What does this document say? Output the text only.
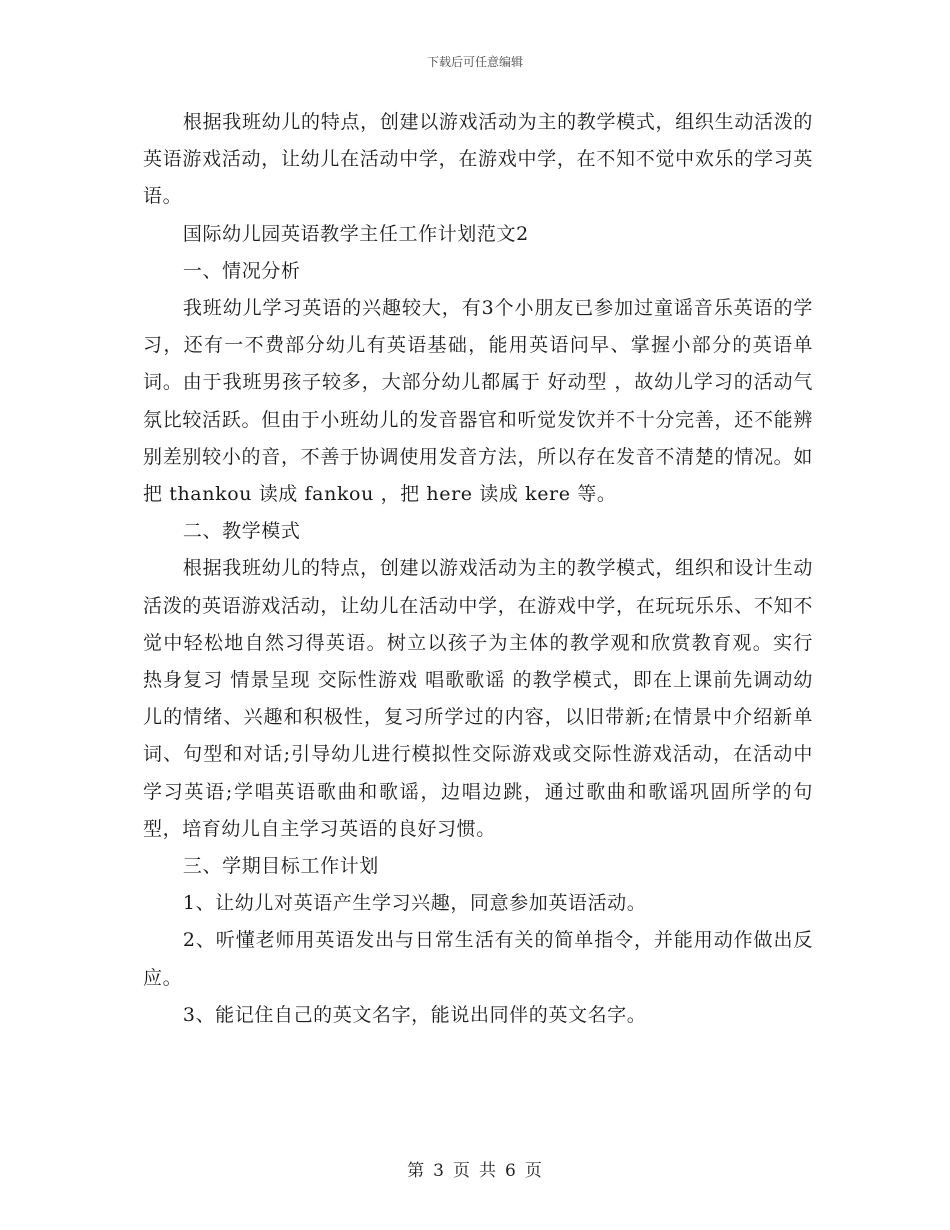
下载后可任意编辑

根据我班幼儿的特点，创建以游戏活动为主的教学模式，组织生动活泼的英语游戏活动，让幼儿在活动中学，在游戏中学，在不知不觉中欢乐的学习英语。

国际幼儿园英语教学主任工作计划范文2

一、情况分析

我班幼儿学习英语的兴趣较大，有3个小朋友已参加过童谣音乐英语的学习，还有一不费部分幼儿有英语基础，能用英语问早、掌握小部分的英语单词。由于我班男孩子较多，大部分幼儿都属于 好动型 ，故幼儿学习的活动气氛比较活跃。但由于小班幼儿的发音器官和听觉发饮并不十分完善，还不能辨别差别较小的音，不善于协调使用发音方法，所以存在发音不清楚的情况。如把 thankou 读成 fankou ，把 here 读成 kere 等。

二、教学模式

根据我班幼儿的特点，创建以游戏活动为主的教学模式，组织和设计生动活泼的英语游戏活动，让幼儿在活动中学，在游戏中学，在玩玩乐乐、不知不觉中轻松地自然习得英语。树立以孩子为主体的教学观和欣赏教育观。实行 热身复习 情景呈现 交际性游戏 唱歌歌谣 的教学模式，即在上课前先调动幼儿的情绪、兴趣和积极性，复习所学过的内容，以旧带新;在情景中介绍新单词、句型和对话;引导幼儿进行模拟性交际游戏或交际性游戏活动，在活动中学习英语;学唱英语歌曲和歌谣，边唱边跳，通过歌曲和歌谣巩固所学的句型，培育幼儿自主学习英语的良好习惯。

三、学期目标工作计划

1、让幼儿对英语产生学习兴趣，同意参加英语活动。

2、听懂老师用英语发出与日常生活有关的简单指令，并能用动作做出反应。

3、能记住自己的英文名字，能说出同伴的英文名字。

第 3 页 共 6 页
